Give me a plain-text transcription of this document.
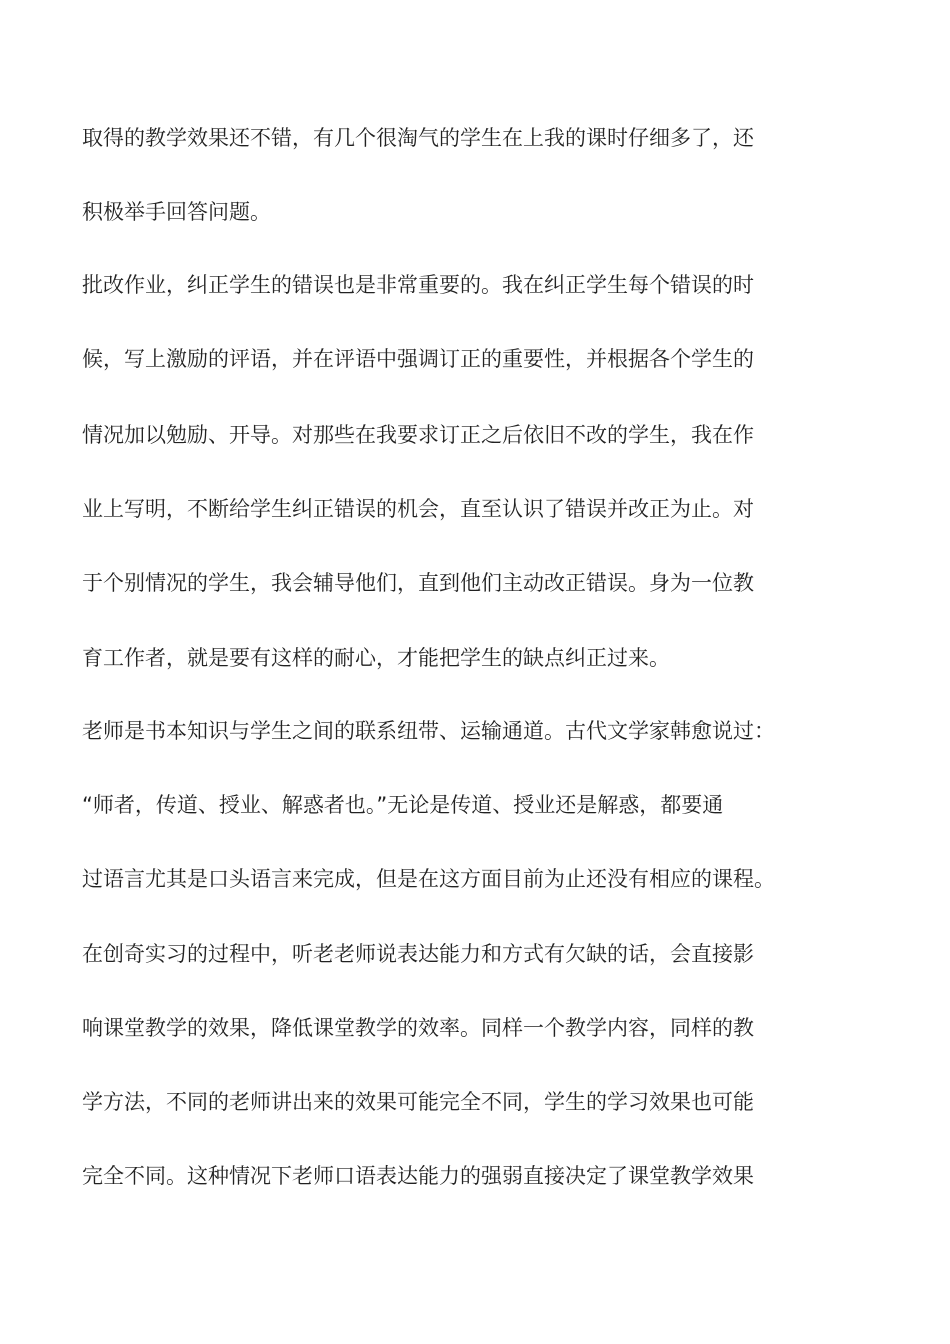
取得的教学效果还不错，有几个很淘气的学生在上我的课时仔细多了，还
积极举手回答问题。
批改作业，纠正学生的错误也是非常重要的。我在纠正学生每个错误的时
候，写上激励的评语，并在评语中强调订正的重要性，并根据各个学生的
情况加以勉励、开导。对那些在我要求订正之后依旧不改的学生，我在作
业上写明，不断给学生纠正错误的机会，直至认识了错误并改正为止。对
于个别情况的学生，我会辅导他们，直到他们主动改正错误。身为一位教
育工作者，就是要有这样的耐心，才能把学生的缺点纠正过来。
老师是书本知识与学生之间的联系纽带、运输通道。古代文学家韩愈说过：
“师者，传道、授业、解惑者也。”无论是传道、授业还是解惑，都要通
过语言尤其是口头语言来完成，但是在这方面目前为止还没有相应的课程。
在创奇实习的过程中，听老老师说表达能力和方式有欠缺的话，会直接影
响课堂教学的效果，降低课堂教学的效率。同样一个教学内容，同样的教
学方法，不同的老师讲出来的效果可能完全不同，学生的学习效果也可能
完全不同。这种情况下老师口语表达能力的强弱直接决定了课堂教学效果
